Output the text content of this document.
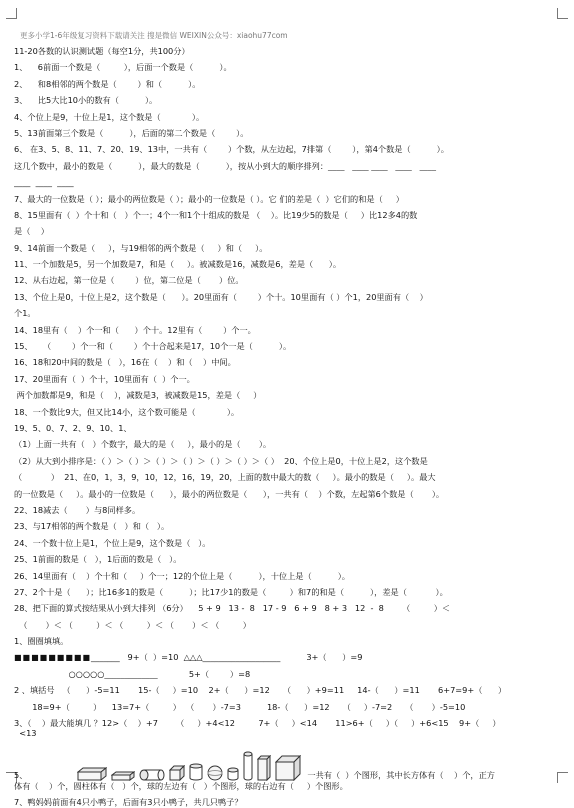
更多小学1-6年级复习资料下载请关注 搜是微信 WEIXIN公众号：xiaohu77com
11-20各数的认识测试题（每空1分，共100分）
1、    6前面一个数是（         ），后面一个数是（          ）。
2、    和8相邻的两个数是（        ）和（          ）。
3、    比5大比10小的数有（          ）。
4、个位上是9，十位上是1，这个数是（            ）。
5、13前面第三个数是（          ），后面的第二个数是（        ）。
6、 在3、5、8、11、7、20、19、13中，一共有（        ）个数，从左边起，7排第（        ），第4个数是（          ）。
这几个数中，最小的数是（          ），最大的数是（          ），按从小到大的顺序排列：____   ____ ____   ____   ____
____  ____  ____
7、最大的一位数是（ ）；最小的两位数是（ ）；最小的一位数是（ ）。它 们的差是（  ）它们的和是（     ）
8、15里面有（  ）个十和（   ）个一；4个一和1个十组成的数是 （    ）。比19少5的数是（     ）比12多4的数
是（    ）
9、14前面一个数是（     ），与19相邻的两个数是（     ）和（     ）。
11、一个加数是5，另一个加数是7，和是（     ）。被减数是16，减数是6，差是（      ）。
12、从右边起，第一位是（        ）位，第二位是（       ）位。
13、个位上是0，十位上是2，这个数是（      ）。20里面有（        ）个十。10里面有（ ）个1，20里面有（    ）
个1。
14、18里有（    ）个一和（      ）个十。12里有（        ）个一。
15、    （        ）个一和（        ）个十合起来是17，10个一是（          ）。
16、18和20中间的数是（   ），16在（    ）和（    ）中间。
17、20里面有（  ）个十，10里面有（  ）个一。
两个加数都是9，和是（    ），减数是3，被减数是15，差是（     ）
18、一个数比9大，但又比14小，这个数可能是（            ）。
19、5、0、7、2、9、10、1、
（1）上面一共有（   ）个数字，最大的是（     ），最小的是（       ）。
（2）从大到小排序是：（ ）＞（ ）＞（ ）＞（ ）＞（ ）＞（ ）＞（ ）  20、个位上是0，十位上是2，这个数是
（           ）  21、在0，1，3，9，10，12，16，19，20，上面的数中最大的数（     ）。最小的数是（     ）。最大
的一位数是（     ）。最小的一位数是（      ），最小的两位数是（      ），一共有（    ）个数，左起第6个数是（       ）。
22、18减去（       ）与8同样多。
23、与17相邻的两个数是（   ）和（   ）。
24、一个数十位上是1，个位上是9，这个数是（   ）。
25、1前面的数是（   ），1后面的数是（   ）。
26、14里面有（    ）个十和（     ）个一；12的个位上是（          ），十位上是（          ）。
27、2个十是（      ）；比16多1的数是（          ）；比17少1的数是（         ）和7的和是（          ），差是（           ）。
28、把下面的算式按结果从小到大排列 （6分）    5 + 9   13 -  8   17 - 9   6 + 9   8 + 3   12  -  8       （         ）＜
（       ）＜ （         ）＜ （         ）＜ （       ）＜ （         ）
1、圈圈填填。
■■■■■■■■■_______   9+（  ）=10  △△△___________________          3+（      ）=9
○○○○○_____________            5+（        ）=8
2 、填括号   （      ）-5=11       15-（     ）=10    2+（      ）=12     （      ）+9=11     14-（      ）=11       6+7=9+（      ）
18=9+（         ）    13=7+（         ）  （       ）-7=3          18-（      ）=12     （     ）-7=2     （       ）-5=10
3、（    ）最大能填几 ？12>（    ）+7       （     ）+4<12         7+（     ）<14       11>6+（     ）（     ）+6<15    9+（     ）
<13
5、	一共有（  ）个图形，其中长方体有（    ）个，正方
体有（    ）个，圆柱体有（   ）个，球的左边有（   ）个图形，球的右边有（     ）个图形。
7、鸭妈妈前面有4只小鸭子，后面有3只小鸭子，共几只鸭子？
